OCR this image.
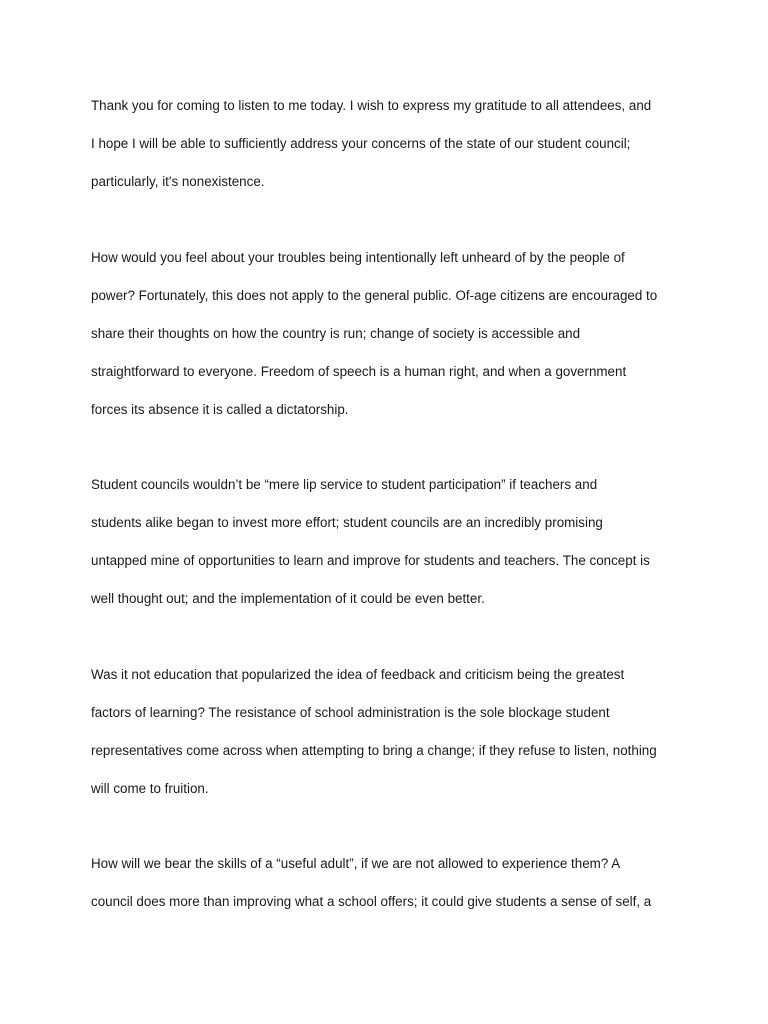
Thank you for coming to listen to me today. I wish to express my gratitude to all attendees, and
I hope I will be able to sufficiently address your concerns of the state of our student council;
particularly, it's nonexistence.

How would you feel about your troubles being intentionally left unheard of by the people of
power? Fortunately, this does not apply to the general public. Of-age citizens are encouraged to
share their thoughts on how the country is run; change of society is accessible and
straightforward to everyone. Freedom of speech is a human right, and when a government
forces its absence it is called a dictatorship.

Student councils wouldn’t be “mere lip service to student participation” if teachers and
students alike began to invest more effort; student councils are an incredibly promising
untapped mine of opportunities to learn and improve for students and teachers. The concept is
well thought out; and the implementation of it could be even better.

Was it not education that popularized the idea of feedback and criticism being the greatest
factors of learning? The resistance of school administration is the sole blockage student
representatives come across when attempting to bring a change; if they refuse to listen, nothing
will come to fruition.

How will we bear the skills of a “useful adult”, if we are not allowed to experience them? A
council does more than improving what a school offers; it could give students a sense of self, a
